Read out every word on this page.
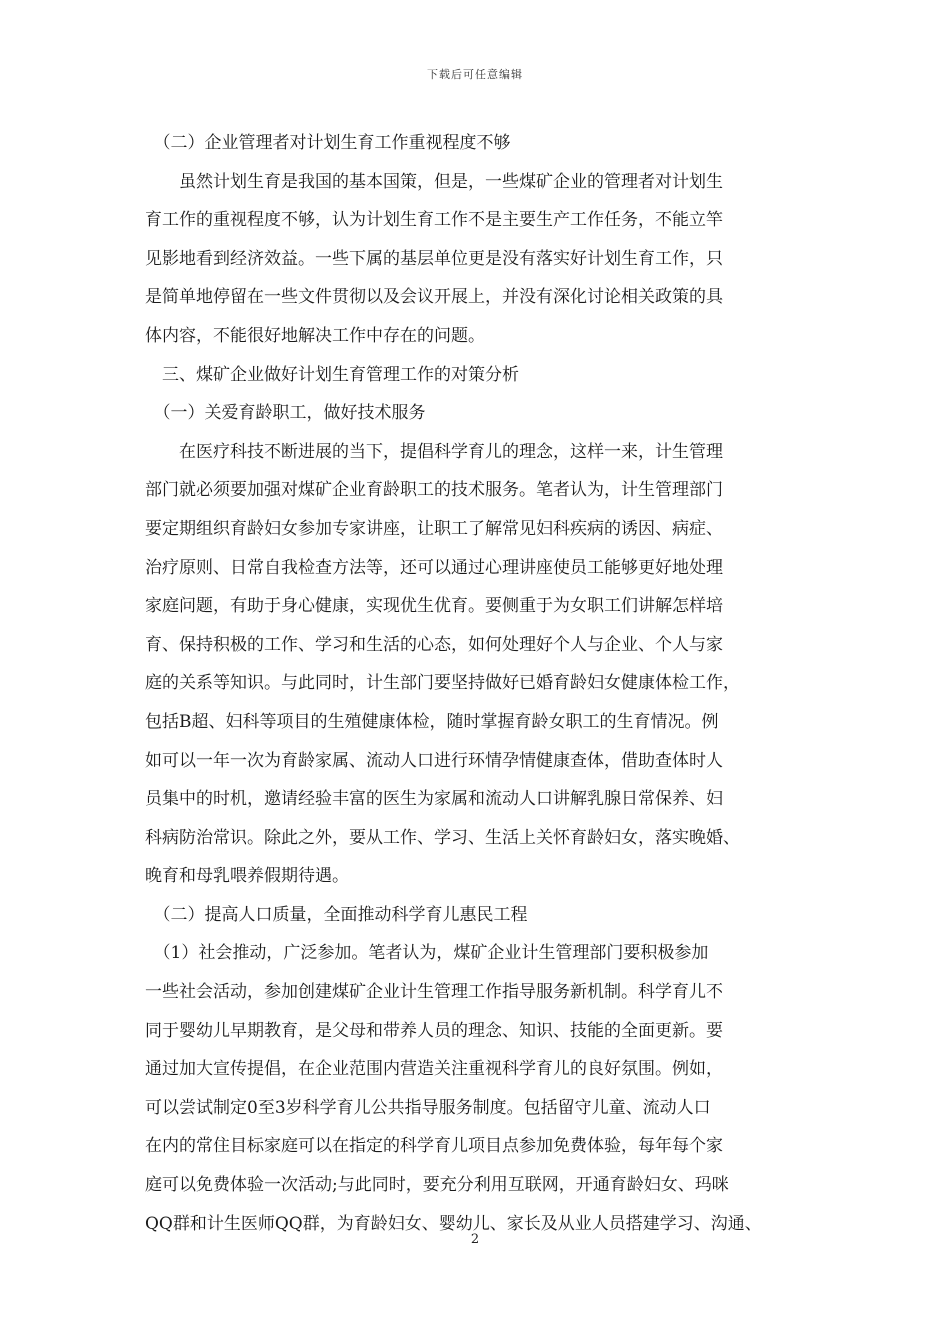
下载后可任意编辑
　（二）企业管理者对计划生育工作重视程度不够
　　虽然计划生育是我国的基本国策，但是，一些煤矿企业的管理者对计划生
育工作的重视程度不够，认为计划生育工作不是主要生产工作任务，不能立竿
见影地看到经济效益。一些下属的基层单位更是没有落实好计划生育工作，只
是简单地停留在一些文件贯彻以及会议开展上，并没有深化讨论相关政策的具
体内容，不能很好地解决工作中存在的问题。
　三、煤矿企业做好计划生育管理工作的对策分析
　（一）关爱育龄职工，做好技术服务
　　在医疗科技不断进展的当下，提倡科学育儿的理念，这样一来，计生管理
部门就必须要加强对煤矿企业育龄职工的技术服务。笔者认为，计生管理部门
要定期组织育龄妇女参加专家讲座，让职工了解常见妇科疾病的诱因、病症、
治疗原则、日常自我检查方法等，还可以通过心理讲座使员工能够更好地处理
家庭问题，有助于身心健康，实现优生优育。要侧重于为女职工们讲解怎样培
育、保持积极的工作、学习和生活的心态，如何处理好个人与企业、个人与家
庭的关系等知识。与此同时，计生部门要坚持做好已婚育龄妇女健康体检工作，
包括B超、妇科等项目的生殖健康体检，随时掌握育龄女职工的生育情况。例
如可以一年一次为育龄家属、流动人口进行环情孕情健康查体，借助查体时人
员集中的时机，邀请经验丰富的医生为家属和流动人口讲解乳腺日常保养、妇
科病防治常识。除此之外，要从工作、学习、生活上关怀育龄妇女，落实晚婚、
晚育和母乳喂养假期待遇。
　（二）提高人口质量，全面推动科学育儿惠民工程
　（1）社会推动，广泛参加。笔者认为，煤矿企业计生管理部门要积极参加
一些社会活动，参加创建煤矿企业计生管理工作指导服务新机制。科学育儿不
同于婴幼儿早期教育，是父母和带养人员的理念、知识、技能的全面更新。要
通过加大宣传提倡，在企业范围内营造关注重视科学育儿的良好氛围。例如，
可以尝试制定0至3岁科学育儿公共指导服务制度。包括留守儿童、流动人口
在内的常住目标家庭可以在指定的科学育儿项目点参加免费体验，每年每个家
庭可以免费体验一次活动;与此同时，要充分利用互联网，开通育龄妇女、玛咪
QQ群和计生医师QQ群，为育龄妇女、婴幼儿、家长及从业人员搭建学习、沟通、
2
